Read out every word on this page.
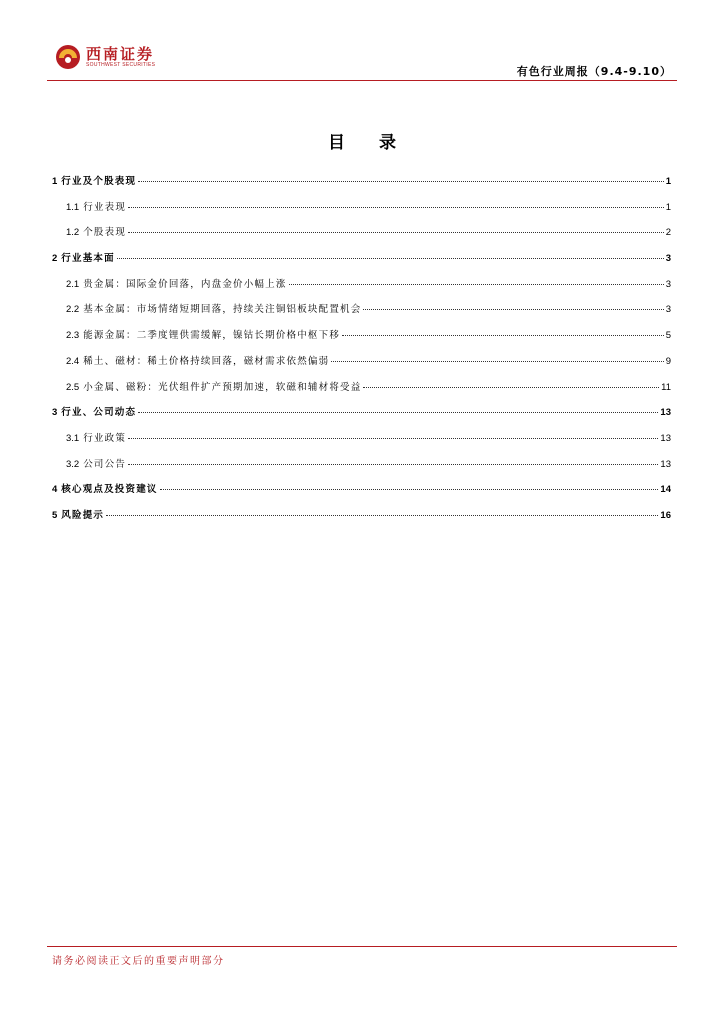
西南证券
SOUTHWEST SECURITIES
有色行业周报（9.4-9.10）
目 录
1 行业及个股表现	1
1.1 行业表现	1
1.2 个股表现	2
2 行业基本面	3
2.1 贵金属：国际金价回落，内盘金价小幅上涨	3
2.2 基本金属：市场情绪短期回落，持续关注铜铝板块配置机会	3
2.3 能源金属：二季度锂供需缓解，镍钴长期价格中枢下移	5
2.4 稀土、磁材：稀土价格持续回落，磁材需求依然偏弱	9
2.5 小金属、磁粉：光伏组件扩产预期加速，软磁和辅材将受益	11
3 行业、公司动态	13
3.1 行业政策	13
3.2 公司公告	13
4 核心观点及投资建议	14
5 风险提示	16
请务必阅读正文后的重要声明部分
